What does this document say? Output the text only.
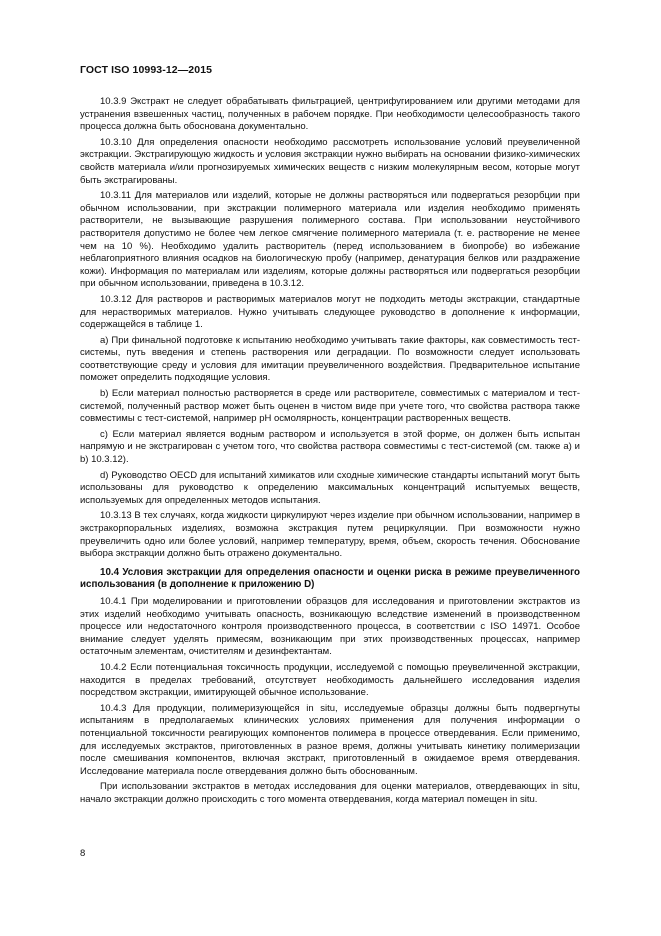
ГОСТ ISO 10993-12—2015

10.3.9 Экстракт не следует обрабатывать фильтрацией, центрифугированием или другими методами для устранения взвешенных частиц, полученных в рабочем порядке. При необходимости целесообразность такого процесса должна быть обоснована документально.

10.3.10 Для определения опасности необходимо рассмотреть использование условий преувеличенной экстракции. Экстрагирующую жидкость и условия экстракции нужно выбирать на основании физико-химических свойств материала и/или прогнозируемых химических веществ с низким молекулярным весом, которые могут быть экстрагированы.

10.3.11 Для материалов или изделий, которые не должны растворяться или подвергаться резорбции при обычном использовании, при экстракции полимерного материала или изделия необходимо применять растворители, не вызывающие разрушения полимерного состава. При использовании неустойчивого растворителя допустимо не более чем легкое смягчение полимерного материала (т. е. растворение не менее чем на 10 %). Необходимо удалить растворитель (перед использованием в биопробе) во избежание неблагоприятного влияния осадков на биологическую пробу (например, денатурация белков или раздражение кожи). Информация по материалам или изделиям, которые должны растворяться или подвергаться резорбции при обычном использовании, приведена в 10.3.12.

10.3.12 Для растворов и растворимых материалов могут не подходить методы экстракции, стандартные для нерастворимых материалов. Нужно учитывать следующее руководство в дополнение к информации, содержащейся в таблице 1.

а) При финальной подготовке к испытанию необходимо учитывать такие факторы, как совместимость тест-системы, путь введения и степень растворения или деградации. По возможности следует использовать соответствующие среду и условия для имитации преувеличенного воздействия. Предварительное испытание поможет определить подходящие условия.

b) Если материал полностью растворяется в среде или растворителе, совместимых с материалом и тест-системой, полученный раствор может быть оценен в чистом виде при учете того, что свойства раствора также совместимы с тест-системой, например pH осмолярность, концентрации растворенных веществ.

c) Если материал является водным раствором и используется в этой форме, он должен быть испытан напрямую и не экстрагирован с учетом того, что свойства раствора совместимы с тест-системой (см. также а) и b) 10.3.12).

d) Руководство OECD для испытаний химикатов или сходные химические стандарты испытаний могут быть использованы для руководство к определению максимальных концентраций испытуемых веществ, используемых для определенных методов испытания.

10.3.13 В тех случаях, когда жидкости циркулируют через изделие при обычном использовании, например в экстракорпоральных изделиях, возможна экстракция путем рециркуляции. При возможности нужно преувеличить одно или более условий, например температуру, время, объем, скорость течения. Обоснование выбора экстракции должно быть отражено документально.

10.4 Условия экстракции для определения опасности и оценки риска в режиме преувеличенного использования (в дополнение к приложению D)

10.4.1 При моделировании и приготовлении образцов для исследования и приготовлении экстрактов из этих изделий необходимо учитывать опасность, возникающую вследствие изменений в производственном процессе или недостаточного контроля производственного процесса, в соответствии с ISO 14971. Особое внимание следует уделять примесям, возникающим при этих производственных процессах, например остаточным элементам, очистителям и дезинфектантам.

10.4.2 Если потенциальная токсичность продукции, исследуемой с помощью преувеличенной экстракции, находится в пределах требований, отсутствует необходимость дальнейшего исследования изделия посредством экстракции, имитирующей обычное использование.

10.4.3 Для продукции, полимеризующейся in situ, исследуемые образцы должны быть подвергнуты испытаниям в предполагаемых клинических условиях применения для получения информации о потенциальной токсичности реагирующих компонентов полимера в процессе отвердевания. Если применимо, для исследуемых экстрактов, приготовленных в разное время, должны учитывать кинетику полимеризации после смешивания компонентов, включая экстракт, приготовленный в ожидаемое время отвердевания. Исследование материала после отвердевания должно быть обоснованным.

При использовании экстрактов в методах исследования для оценки материалов, отвердевающих in situ, начало экстракции должно происходить с того момента отвердевания, когда материал помещен in situ.

8
